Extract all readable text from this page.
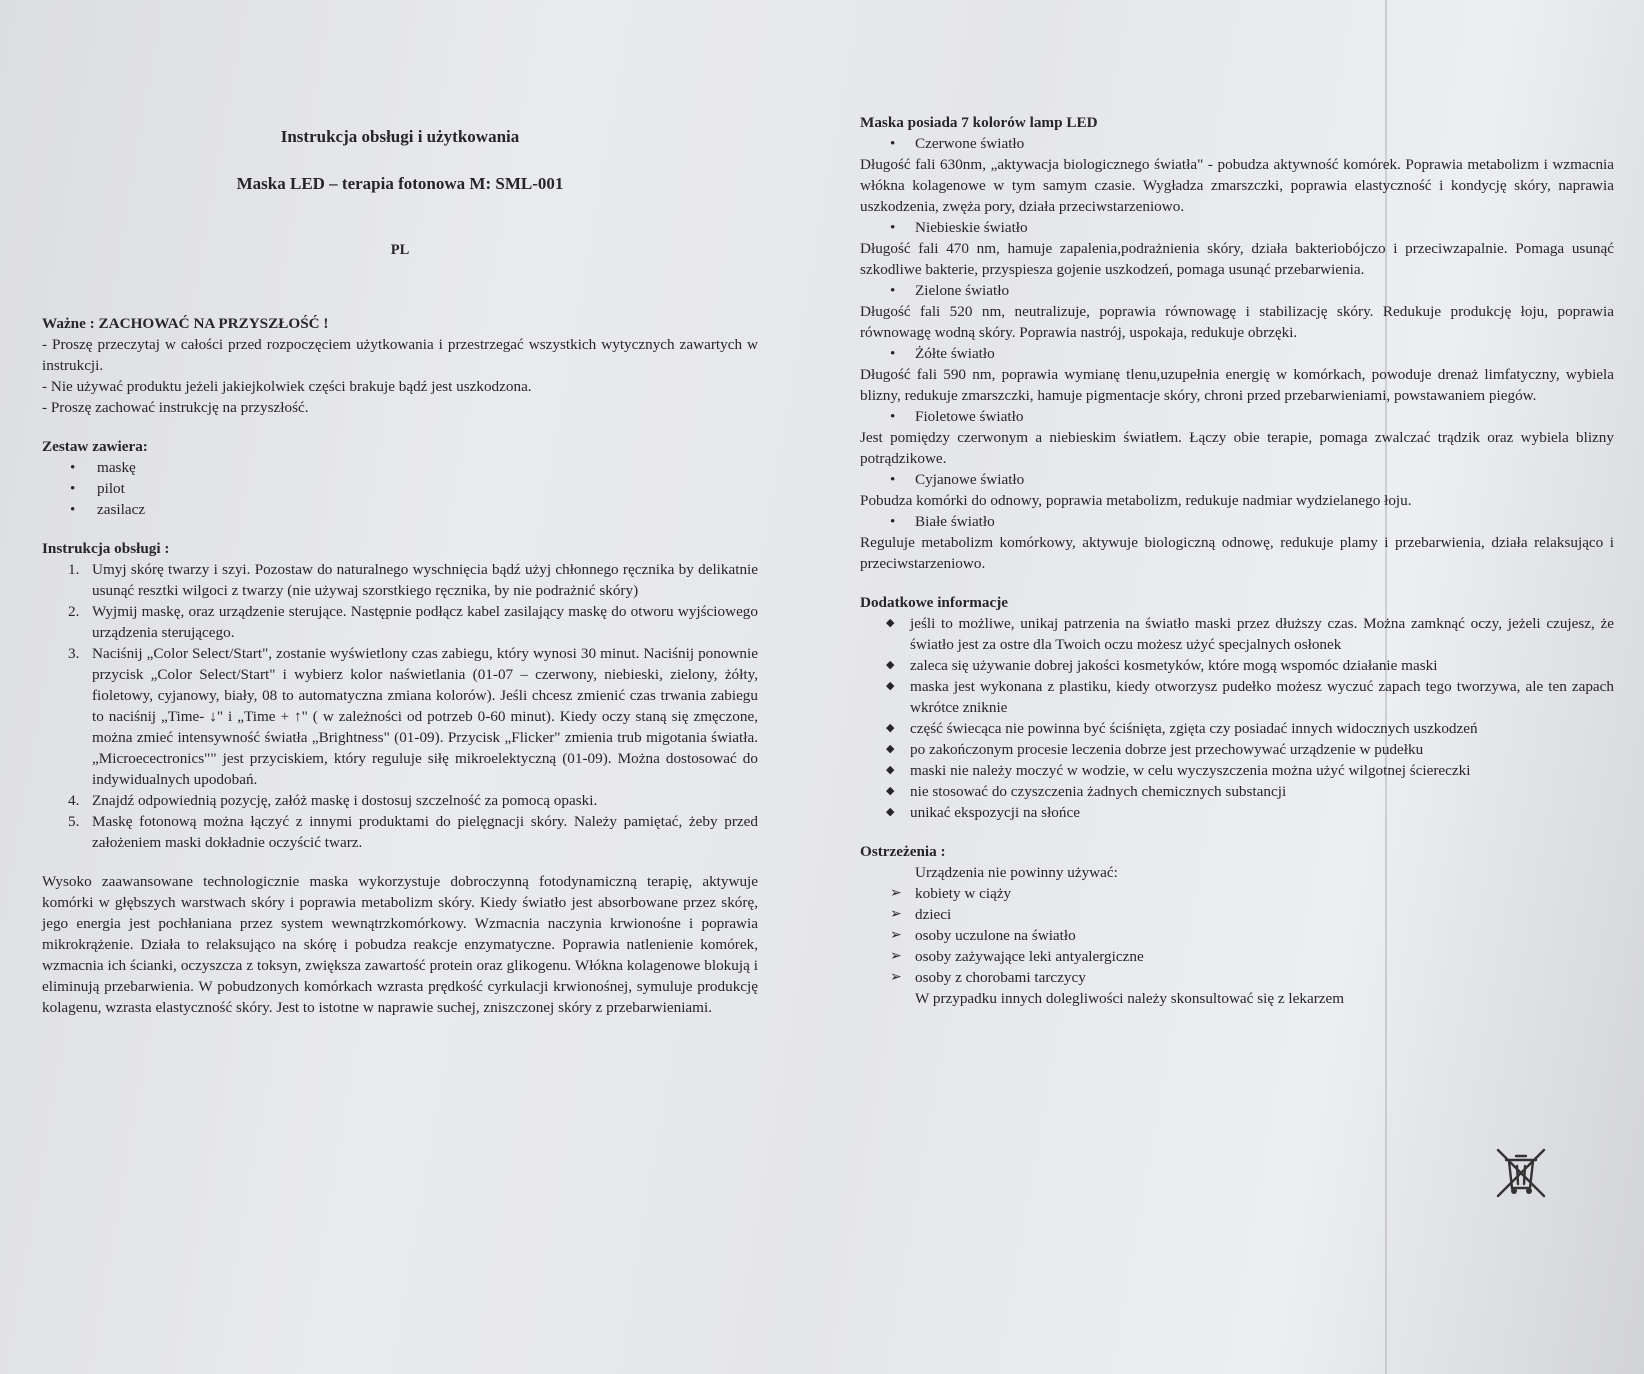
Instrukcja obsługi i użytkowania
Maska LED – terapia fotonowa M: SML-001
PL
Ważne : ZACHOWAĆ NA PRZYSZŁOŚĆ !

- Proszę przeczytaj w całości przed rozpoczęciem użytkowania i przestrzegać wszystkich wytycznych zawartych w instrukcji.

- Nie używać produktu jeżeli jakiejkolwiek części brakuje bądź jest uszkodzona.

- Proszę zachować instrukcję na przyszłość.

Zestaw zawiera:
• maskę
• pilot
• zasilacz
Instrukcja obsługi :
1. Umyj skórę twarzy i szyi. Pozostaw do naturalnego wyschnięcia bądź użyj chłonnego ręcznika by delikatnie usunąć resztki wilgoci z twarzy (nie używaj szorstkiego ręcznika, by nie podrażnić skóry)
2. Wyjmij maskę, oraz urządzenie sterujące. Następnie podłącz kabel zasilający maskę do otworu wyjściowego urządzenia sterującego.
3. Naciśnij „Color Select/Start", zostanie wyświetlony czas zabiegu, który wynosi 30 minut. Naciśnij ponownie przycisk „Color Select/Start" i wybierz kolor naświetlania (01-07 – czerwony, niebieski, zielony, żółty, fioletowy, cyjanowy, biały, 08 to automatyczna zmiana kolorów). Jeśli chcesz zmienić czas trwania zabiegu to naciśnij „Time- ↓" i „Time + ↑" ( w zależności od potrzeb 0-60 minut). Kiedy oczy staną się zmęczone, można zmieć intensywność światła „Brightness" (01-09). Przycisk „Flicker" zmienia trub migotania światła. „Microecectronics"" jest przyciskiem, który reguluje siłę mikroelektyczną (01-09). Można dostosować do indywidualnych upodobań.
4. Znajdź odpowiednią pozycję, załóż maskę i dostosuj szczelność za pomocą opaski.
5. Maskę fotonową można łączyć z innymi produktami do pielęgnacji skóry. Należy pamiętać, żeby przed założeniem maski dokładnie oczyścić twarz.

Wysoko zaawansowane technologicznie maska wykorzystuje dobroczynną fotodynamiczną terapię, aktywuje komórki w głębszych warstwach skóry i poprawia metabolizm skóry. Kiedy światło jest absorbowane przez skórę, jego energia jest pochłaniana przez system wewnątrzkomórkowy. Wzmacnia naczynia krwionośne i poprawia mikrokrążenie. Działa to relaksująco na skórę i pobudza reakcje enzymatyczne. Poprawia natlenienie komórek, wzmacnia ich ścianki, oczyszcza z toksyn, zwiększa zawartość protein oraz glikogenu. Włókna kolagenowe blokują i eliminują przebarwienia. W pobudzonych komórkach wzrasta prędkość cyrkulacji krwionośnej, symuluje produkcję kolagenu, wzrasta elastyczność skóry. Jest to istotne w naprawie suchej, zniszczonej skóry z przebarwieniami.

Maska posiada 7 kolorów lamp LED
• Czerwone światło

Długość fali 630nm, „aktywacja biologicznego światła" - pobudza aktywność komórek. Poprawia metabolizm i wzmacnia włókna kolagenowe w tym samym czasie. Wygładza zmarszczki, poprawia elastyczność i kondycję skóry, naprawia uszkodzenia, zwęża pory, działa przeciwstarzeniowo.

• Niebieskie światło

Długość fali 470 nm, hamuje zapalenia,podrażnienia skóry, działa bakteriobójczo i przeciwzapalnie. Pomaga usunąć szkodliwe bakterie, przyspiesza gojenie uszkodzeń, pomaga usunąć przebarwienia.

• Zielone światło

Długość fali 520 nm, neutralizuje, poprawia równowagę i stabilizację skóry. Redukuje produkcję łoju, poprawia równowagę wodną skóry. Poprawia nastrój, uspokaja, redukuje obrzęki.

• Żółte światło

Długość fali 590 nm, poprawia wymianę tlenu,uzupełnia energię w komórkach, powoduje drenaż limfatyczny, wybiela blizny, redukuje zmarszczki, hamuje pigmentacje skóry, chroni przed przebarwieniami, powstawaniem piegów.

• Fioletowe światło

Jest pomiędzy czerwonym a niebieskim światłem. Łączy obie terapie, pomaga zwalczać trądzik oraz wybiela blizny potrądzikowe.

• Cyjanowe światło

Pobudza komórki do odnowy, poprawia metabolizm, redukuje nadmiar wydzielanego łoju.

• Białe światło

Reguluje metabolizm komórkowy, aktywuje biologiczną odnowę, redukuje plamy i przebarwienia, działa relaksująco i przeciwstarzeniowo.

Dodatkowe informacje
◆ jeśli to możliwe, unikaj patrzenia na światło maski przez dłuższy czas. Można zamknąć oczy, jeżeli czujesz, że światło jest za ostre dla Twoich oczu możesz użyć specjalnych osłonek
◆ zaleca się używanie dobrej jakości kosmetyków, które mogą wspomóc działanie maski
◆ maska jest wykonana z plastiku, kiedy otworzysz pudełko możesz wyczuć zapach tego tworzywa, ale ten zapach wkrótce zniknie
◆ część świecąca nie powinna być ściśnięta, zgięta czy posiadać innych widocznych uszkodzeń
◆ po zakończonym procesie leczenia dobrze jest przechowywać urządzenie w pudełku
◆ maski nie należy moczyć w wodzie, w celu wyczyszczenia można użyć wilgotnej ściereczki
◆ nie stosować do czyszczenia żadnych chemicznych substancji
◆ unikać ekspozycji na słońce
Ostrzeżenia :
Urządzenia nie powinny używać:
➢ kobiety w ciąży
➢ dzieci
➢ osoby uczulone na światło
➢ osoby zażywające leki antyalergiczne
➢ osoby z chorobami tarczycy
W przypadku innych dolegliwości należy skonsultować się z lekarzem
